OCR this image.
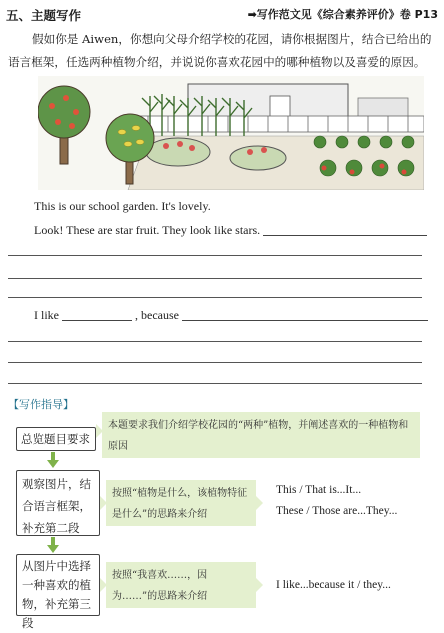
五、主题写作	➡写作范文见《综合素养评价》卷 P13
假如你是 Aiwen，你想向父母介绍学校的花园，请你根据图片，结合已给出的语言框架，任选两种植物介绍，并说说你喜欢花园中的哪种植物以及喜爱的原因。
This is our school garden. It's lovely.
Look! These are star fruit. They look like stars.
I like	, because
【写作指导】
总览题目要求
本题要求我们介绍学校花园的“两种”植物，并阐述喜欢的一种植物和原因
观察图片，结合语言框架，补充第二段
按照“植物是什么，该植物特征是什么”的思路来介绍
This / That is...It...
These / Those are...They...
从图片中选择一种喜欢的植物，补充第三段
按照“我喜欢……，因为……”的思路来介绍
I like...because it / they...
